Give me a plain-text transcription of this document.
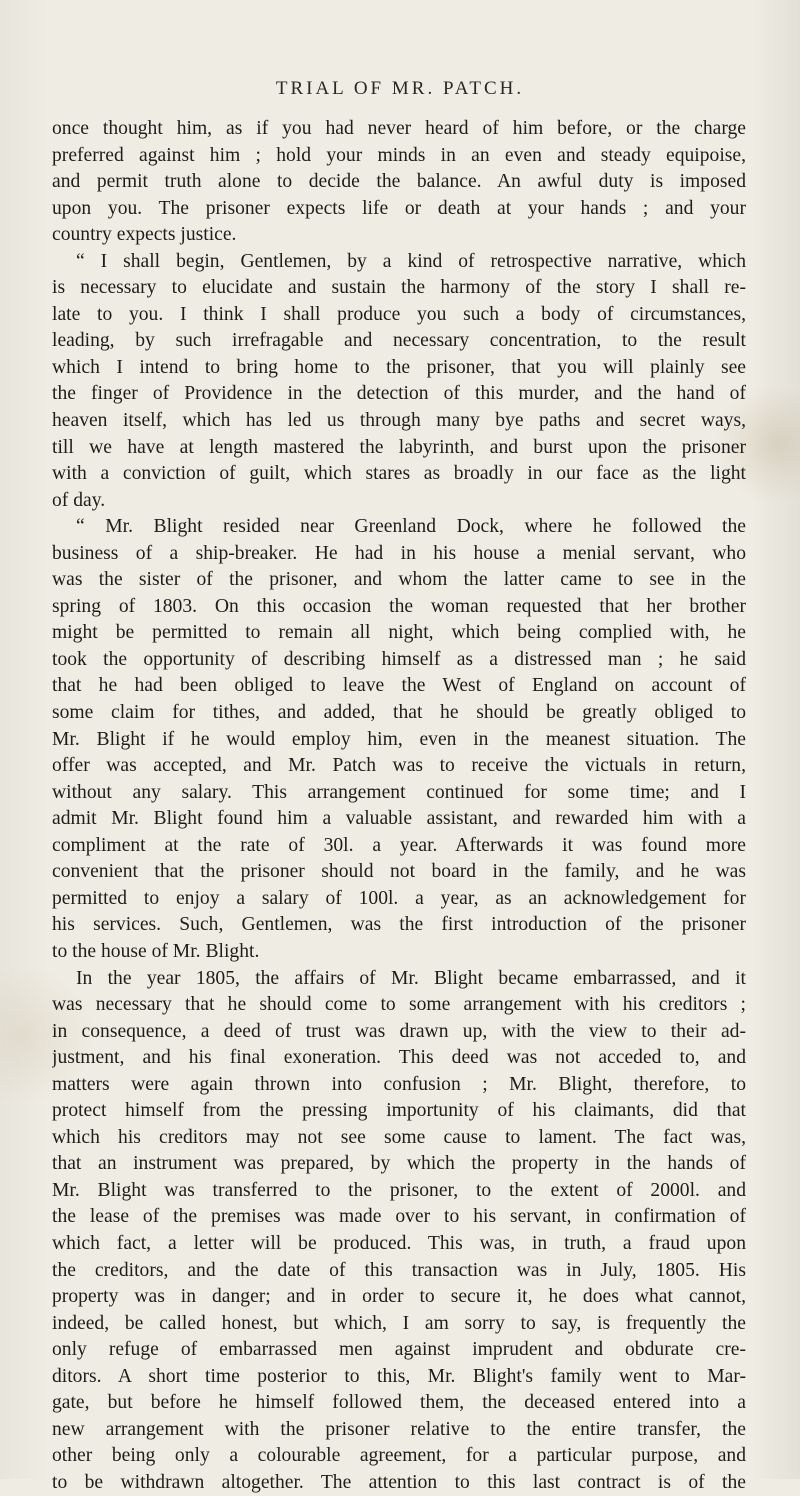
TRIAL OF MR. PATCH.
once thought him, as if you had never heard of him before, or the charge
preferred against him ; hold your minds in an even and steady equipoise,
and permit truth alone to decide the balance. An awful duty is imposed
upon you. The prisoner expects life or death at your hands ; and your
country expects justice.
“ I shall begin, Gentlemen, by a kind of retrospective narrative, which
is necessary to elucidate and sustain the harmony of the story I shall re-
late to you. I think I shall produce you such a body of circumstances,
leading, by such irrefragable and necessary concentration, to the result
which I intend to bring home to the prisoner, that you will plainly see
the finger of Providence in the detection of this murder, and the hand of
heaven itself, which has led us through many bye paths and secret ways,
till we have at length mastered the labyrinth, and burst upon the prisoner
with a conviction of guilt, which stares as broadly in our face as the light
of day.
“ Mr. Blight resided near Greenland Dock, where he followed the
business of a ship-breaker. He had in his house a menial servant, who
was the sister of the prisoner, and whom the latter came to see in the
spring of 1803. On this occasion the woman requested that her brother
might be permitted to remain all night, which being complied with, he
took the opportunity of describing himself as a distressed man ; he said
that he had been obliged to leave the West of England on account of
some claim for tithes, and added, that he should be greatly obliged to
Mr. Blight if he would employ him, even in the meanest situation. The
offer was accepted, and Mr. Patch was to receive the victuals in return,
without any salary. This arrangement continued for some time; and I
admit Mr. Blight found him a valuable assistant, and rewarded him with a
compliment at the rate of 30l. a year. Afterwards it was found more
convenient that the prisoner should not board in the family, and he was
permitted to enjoy a salary of 100l. a year, as an acknowledgement for
his services. Such, Gentlemen, was the first introduction of the prisoner
to the house of Mr. Blight.
In the year 1805, the affairs of Mr. Blight became embarrassed, and it
was necessary that he should come to some arrangement with his creditors ;
in consequence, a deed of trust was drawn up, with the view to their ad-
justment, and his final exoneration. This deed was not acceded to, and
matters were again thrown into confusion ; Mr. Blight, therefore, to
protect himself from the pressing importunity of his claimants, did that
which his creditors may not see some cause to lament. The fact was,
that an instrument was prepared, by which the property in the hands of
Mr. Blight was transferred to the prisoner, to the extent of 2000l. and
the lease of the premises was made over to his servant, in confirmation of
which fact, a letter will be produced. This was, in truth, a fraud upon
the creditors, and the date of this transaction was in July, 1805. His
property was in danger; and in order to secure it, he does what cannot,
indeed, be called honest, but which, I am sorry to say, is frequently the
only refuge of embarrassed men against imprudent and obdurate cre-
ditors. A short time posterior to this, Mr. Blight's family went to Mar-
gate, but before he himself followed them, the deceased entered into a
new arrangement with the prisoner relative to the entire transfer, the
other being only a colourable agreement, for a particular purpose, and
to be withdrawn altogether. The attention to this last contract is of the
